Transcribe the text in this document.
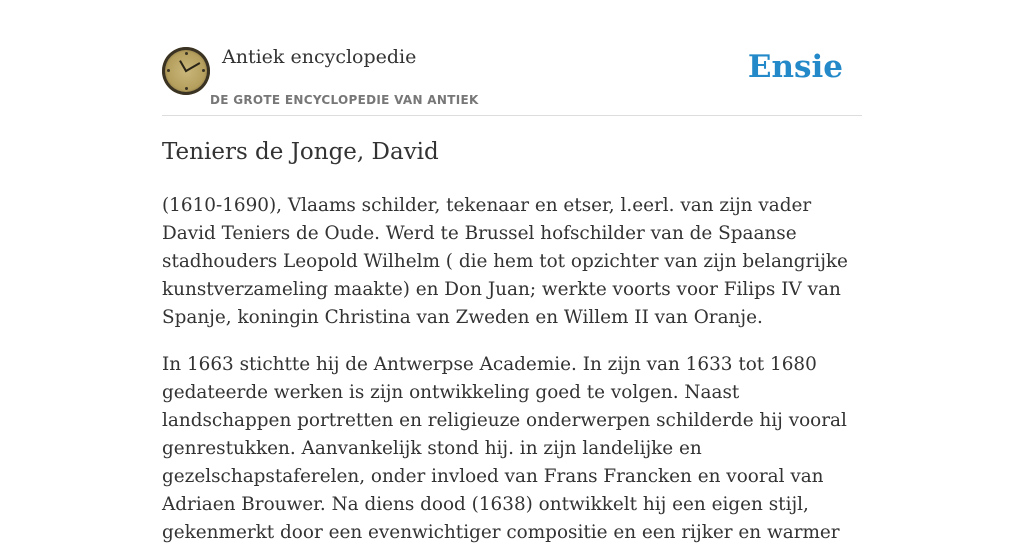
Antiek encyclopedie
DE GROTE ENCYCLOPEDIE VAN ANTIEK
Ensie
Teniers de Jonge, David

(1610-1690), Vlaams schilder, tekenaar en etser, l.eerl. van zijn vader David Teniers de Oude. Werd te Brussel hofschilder van de Spaanse stadhouders Leopold Wilhelm ( die hem tot opzichter van zijn belangrijke kunstverzameling maakte) en Don Juan; werkte voorts voor Filips IV van Spanje, koningin Christina van Zweden en Willem II van Oranje.

In 1663 stichtte hij de Antwerpse Academie. In zijn van 1633 tot 1680 gedateerde werken is zijn ontwikkeling goed te volgen. Naast landschappen portretten en religieuze onderwerpen schilderde hij vooral genrestukken. Aanvankelijk stond hij. in zijn landelijke en gezelschapstaferelen, onder invloed van Frans Francken en vooral van Adriaen Brouwer. Na diens dood (1638) ontwikkelt hij een eigen stijl, gekenmerkt door een evenwichtiger compositie en een rijker en warmer
